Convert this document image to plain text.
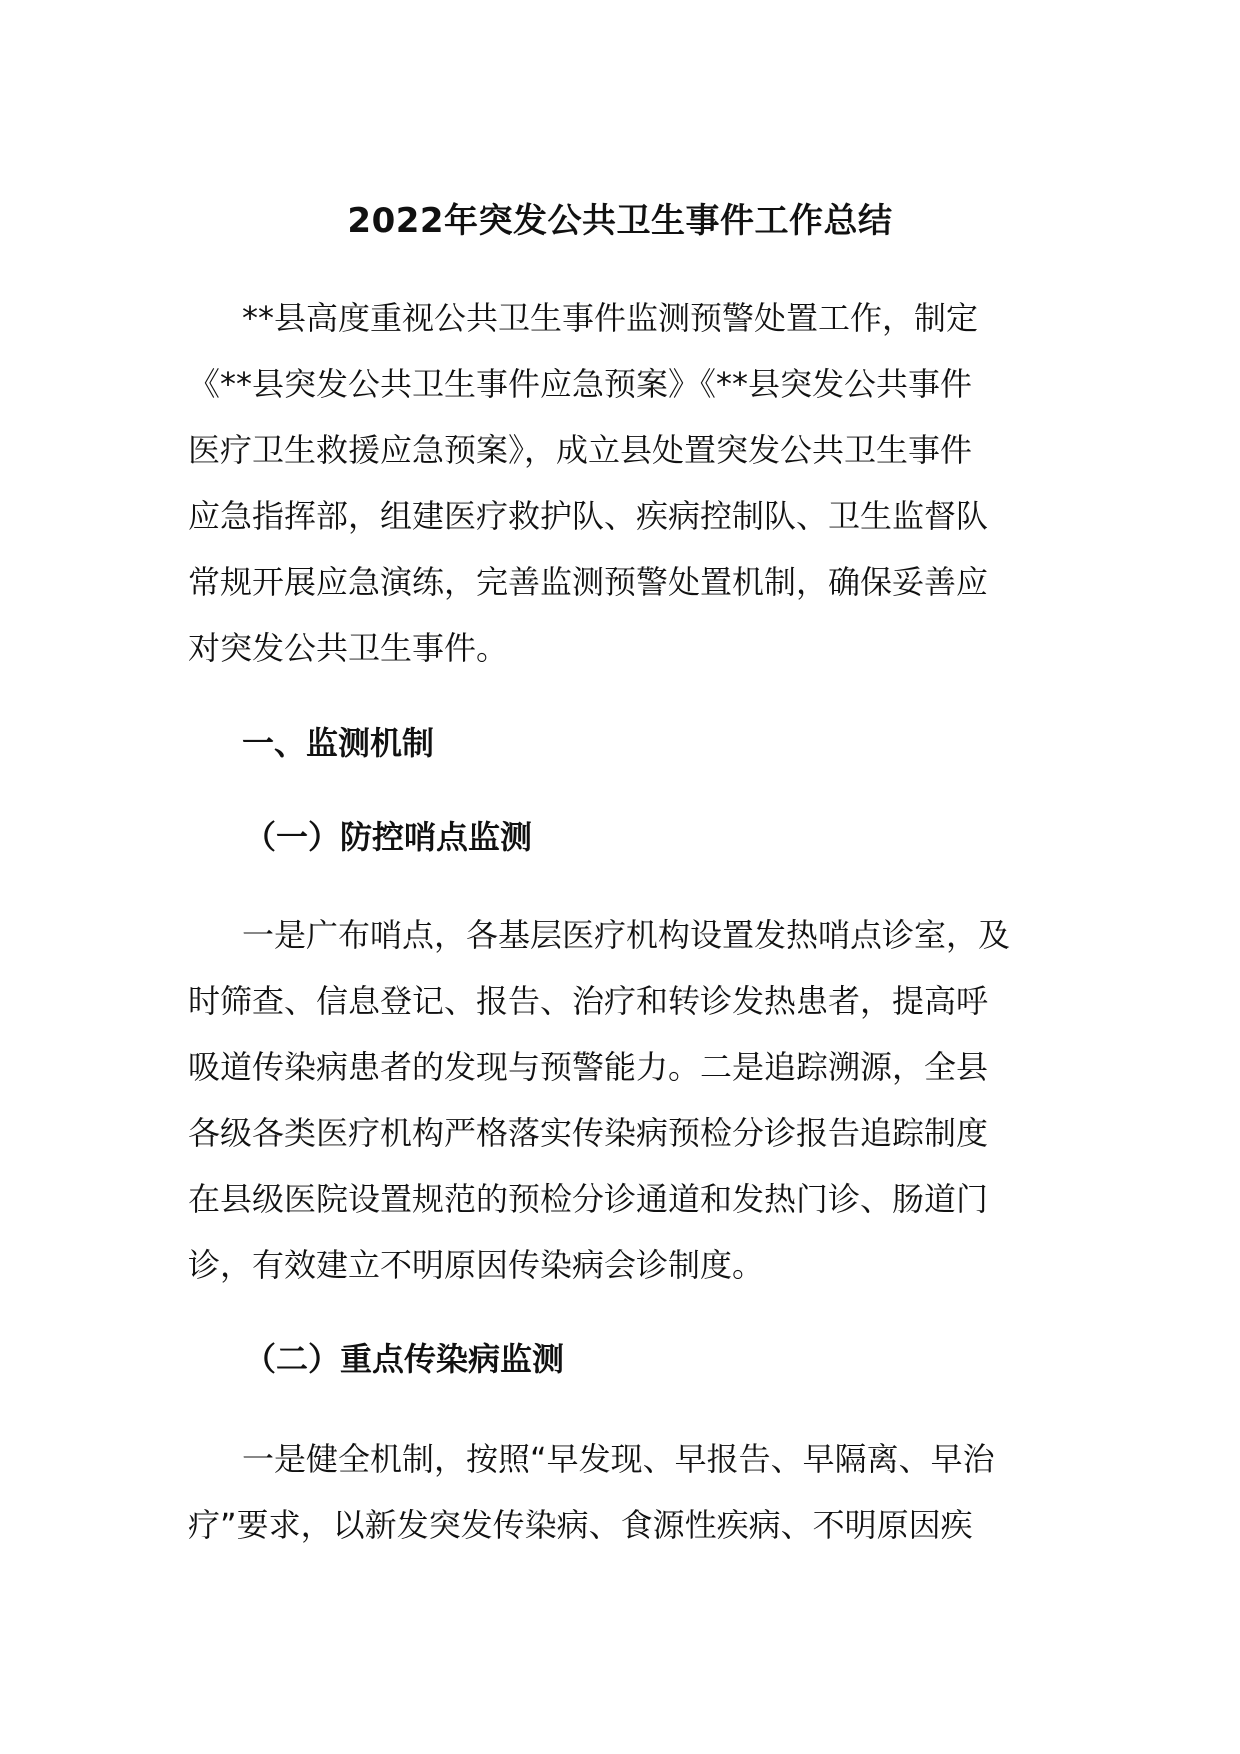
2022年突发公共卫生事件工作总结
**县高度重视公共卫生事件监测预警处置工作，制定
《**县突发公共卫生事件应急预案》《**县突发公共事件
医疗卫生救援应急预案》，成立县处置突发公共卫生事件
应急指挥部，组建医疗救护队、疾病控制队、卫生监督队
常规开展应急演练，完善监测预警处置机制，确保妥善应
对突发公共卫生事件。
一、监测机制
（一）防控哨点监测
一是广布哨点，各基层医疗机构设置发热哨点诊室，及
时筛查、信息登记、报告、治疗和转诊发热患者，提高呼
吸道传染病患者的发现与预警能力。二是追踪溯源，全县
各级各类医疗机构严格落实传染病预检分诊报告追踪制度
在县级医院设置规范的预检分诊通道和发热门诊、肠道门
诊，有效建立不明原因传染病会诊制度。
（二）重点传染病监测
一是健全机制，按照“早发现、早报告、早隔离、早治
疗”要求，以新发突发传染病、食源性疾病、不明原因疾
